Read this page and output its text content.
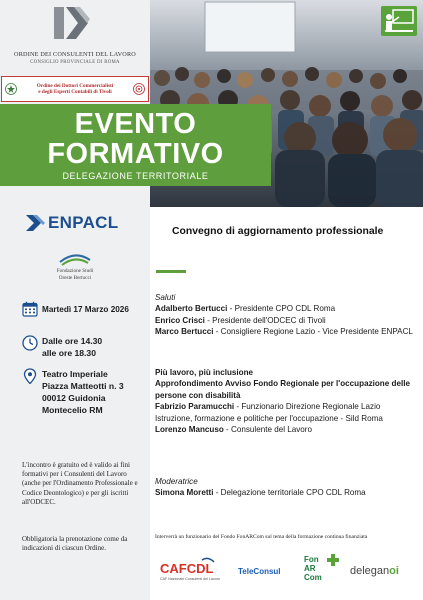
ORDINE DEI CONSULENTI DEL LAVORO
CONSIGLIO PROVINCIALE DI ROMA
Ordine dei Dottori Commercialisti
e degli Esperti Contabili di Tivoli
ENPACL
Fondazione Studi
Oreste Bertucci
Martedì 17 Marzo 2026
Dalle ore 14.30
alle ore 18.30
Teatro Imperiale
Piazza Matteotti n. 3
00012 Guidonia
Montecelio RM
L'incontro è gratuito ed è valido ai fini formativi per i Consulenti del Lavoro (anche per l'Ordinamento Professionale e Codice Deontologico) e per gli iscritti all'ODCEC.
Obbligatoria la prenotazione come da indicazioni di ciascun Ordine.
EVENTO
FORMATIVO
DELEGAZIONE TERRITORIALE
Convegno di aggiornamento professionale
Saluti
Adalberto Bertucci - Presidente CPO CDL Roma
Enrico Crisci - Presidente dell'ODCEC di Tivoli
Marco Bertucci - Consigliere Regione Lazio - Vice Presidente ENPACL
Più lavoro, più inclusione
Approfondimento Avviso Fondo Regionale per l'occupazione delle persone con disabilità
Fabrizio Paramucchi - Funzionario Direzione Regionale Lazio Istruzione, formazione e politiche per l'occupazione - Sild Roma
Lorenzo Mancuso - Consulente del Lavoro
Moderatrice
Simona Moretti - Delegazione territoriale CPO CDL Roma
Interverrà un funzionario del Fondo FonARCom sul tema della formazione continua finanziata
CAFCDL
CAF Nazionale Consulenti del Lavoro
TeleConsul
Fon
AR
Com
deleganoi
